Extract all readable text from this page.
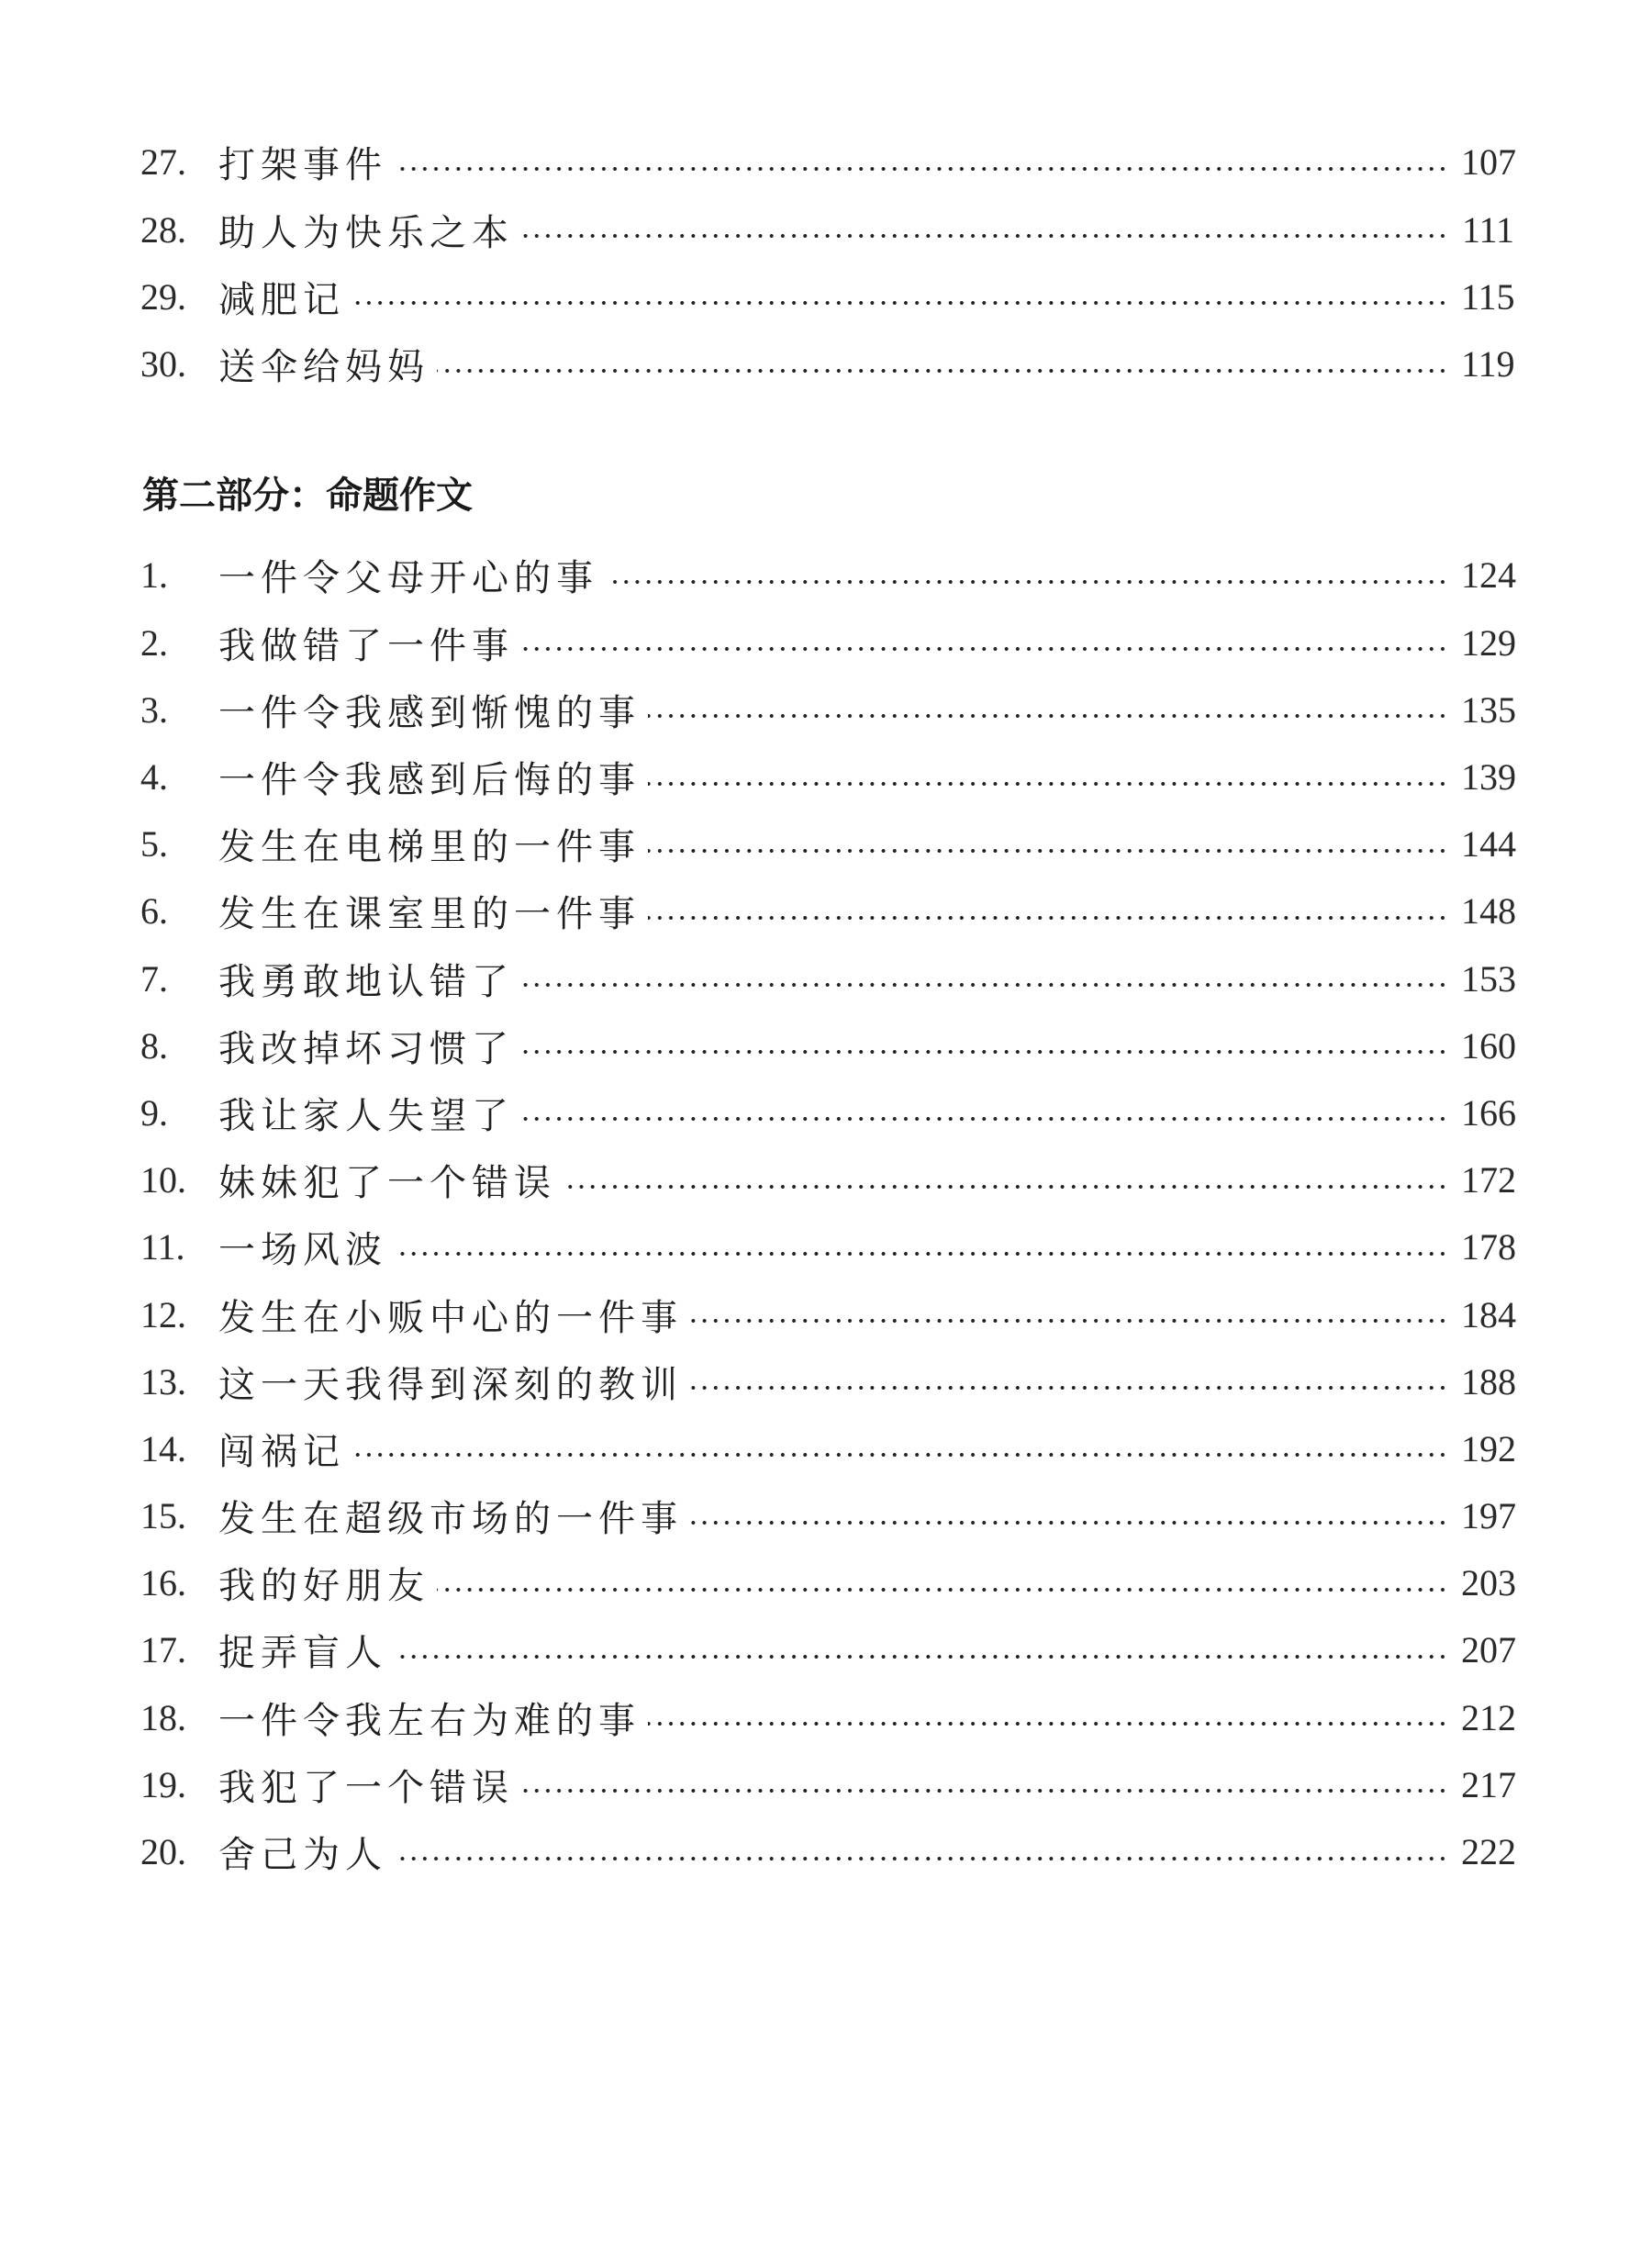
27. 打架事件	107
28. 助人为快乐之本	111
29. 减肥记	115
30. 送伞给妈妈	119
第二部分：命题作文
1.	一件令父母开心的事	124
2.	我做错了一件事	129
3.	一件令我感到惭愧的事	135
4.	一件令我感到后悔的事	139
5.	发生在电梯里的一件事	144
6.	发生在课室里的一件事	148
7.	我勇敢地认错了	153
8.	我改掉坏习惯了	160
9.	我让家人失望了	166
10. 妹妹犯了一个错误	172
11. 一场风波	178
12. 发生在小贩中心的一件事	184
13. 这一天我得到深刻的教训	188
14. 闯祸记	192
15. 发生在超级市场的一件事	197
16. 我的好朋友	203
17. 捉弄盲人	207
18. 一件令我左右为难的事	212
19. 我犯了一个错误	217
20. 舍己为人	222
